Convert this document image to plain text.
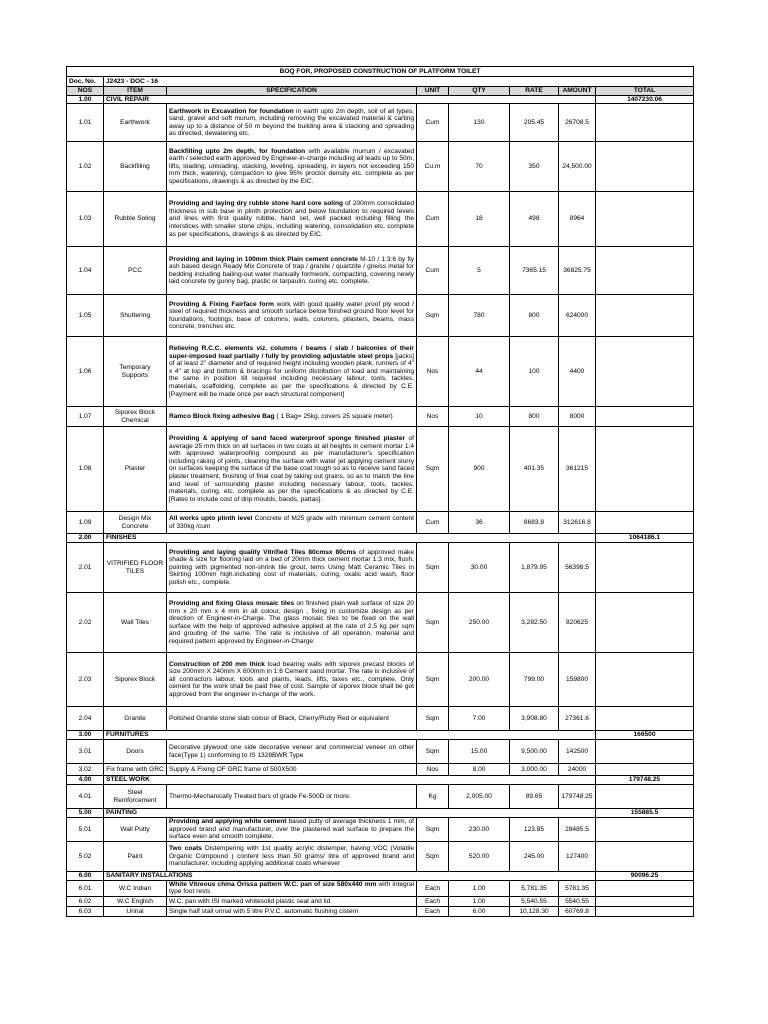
BOQ FOR, PROPOSED CONSTRUCTION OF PLATFORM TOILET							
Doc. No.	J2423 - DOC - 16						
NOS	ITEM	SPECIFICATION	UNIT	QTY	RATE	AMOUNT	TOTAL
1.00	CIVIL REPAIR						1407230.06
1.01	Earthwork	Earthwork in Excavation for foundation in earth upto 2m depth, soil of all types, sand, gravel and soft murum, including removing the excavated material & carting away up to a distance of 50 m beyond the building area & stacking and spreading as directed, dewatering etc.	Cum	130	205.45	26708.5	
1.02	Backfilling	Backfilling upto 2m depth, for foundation with available murrum / excavated earth / selected earth approved by Engineer-in-charge including all leads up to 50m, lifts, loading, unloading, stacking, leveling, spreading, in layers not exceeding 150 mm thick, watering, compaction to give 95% proctor density etc. complete as per specifications, drawings & as directed by the EIC.	Cu.m	70	350	24,500.00	
1.03	Rubble Soling	Providing and laying dry rubble stone hard core soling of 200mm consolidated thickness in sub base in plinth protection and below foundation to required levels and lines with first quality rubble, hand set, well packed including filling the interstices with smaller stone chips, including watering, consolidation etc. complete as per specifications, drawings & as directed by EIC.	Cum	18	498	8964	
1.04	PCC	Providing and laying in 100mm thick Plain cement concrete M-10 / 1:3:6 by fly ash based design Ready Mix Concrete of trap / granite / quartzite / gneiss metal for bedding including bailing-out water manually formwork, compacting, covering newly laid concrete by gunny bag, plastic or tarpaulin, curing etc. complete.	Cum	5	7365.15	36825.75	
1.05	Shuttering	Providing & Fixing Fairface form work with good quality water proof ply wood / steel of required thickness and smooth surface below finished ground floor level for foundations, footings, base of columns, walls, columns, pilasters, beams, mass concrete, trenches etc.	Sqm	780	800	624000	
1.06	Temporary Supports	Relieving R.C.C. elements viz. columns / beams / slab / balconies of their super-imposed load partially / fully by providing adjustable steel props [jacks] of at least 2" diameter and of required height including wooden plank, runners of 4" x 4" at top and bottom & bracings for uniform distribution of load and maintaining the same in position till required including necessary labour, tools, tackles, materials, scaffolding, complete as per the specifications & directed by C.E. [Payment will be made once per each structural component]	Nos	44	100	4400	
1.07	Siporex Block Chemical	Ramco Block fixing adhesive Bag ( 1 Bag= 25kg, covers 25 square meter)	Nos	10	800	8000	
1.08	Plaster	Providing & applying of sand faced waterproof sponge finished plaster of average 25 mm thick on all surfaces in two coats at all heights in cement mortar 1:4 with approved waterproofing compound as per manufacturer's specification including raking of joints, cleaning the surface with water jet applying cement slurry on surfaces keeping the surface of the base coat rough so as to receive sand faced plaster treatment, finishing of final coat by taking out grains, so as to match the line and level of surrounding plaster including necessary labour, tools, tackles, materials, curing, etc. complete as per the specifications & as directed by C.E. [Rates to include cost of drip moulds, bands, pattas].	Sqm	900	401.35	361215	
1.09	Design Mix Concrete	All works upto plinth level Concrete of M25 grade with minimum cement content of 330kg /cum	Cum	36	8683.8	312616.8	
2.00	FINISHES						1064186.1
2.01	VITRIFIED FLOOR TILES	Providing and laying quality Vitrified Tiles 80cmsx 80cms of approved make shade & size for flooring laid on a bed of 20mm thick cement mortar 1:3 mix, flush, pointing with pigmented non-shrink tile grout, tems Using Matt Ceramic Tiles in Skirting 100mm high.including cost of materials, curing, oxalic acid wash, floor polish etc., complete.	Sqm	30.00	1,879.95	56398.5	
2.02	Wall Tiles	Providing and fixing Glass mosaic tiles on finished plain wall surface of size 20 mm x 20 mm x 4 mm in all colour, design , fixing in customize design as per direction of Engineer-in-Charge. The glass mosaic tiles to be fixed on the wall surface with the help of approved adhesive applied at the rate of 2.5 kg per sqm and grouting of the same. The rate is inclusive of all operation, material and required pattern approved by Engineer-in-Charge:	Sqm	250.00	3,282.50	820625	
2.03	Siporex Block	Construction of 200 mm thick load bearing walls with siporex precast blocks of size 200mm X 240mm X 600mm in 1:6 Cement sand mortar. The rate is inclusive of all contractors labour, tools and plants, leads, lifts, taxes etc., complete. Only cement for the work shall be paid free of cost. Sample of siporex block shall be got approved from the engineer in-charge of the work.	Sqm	200.00	799.00	159800	
2.04	Granite	Polished Granite stone slab colour of Black, Cherry/Ruby Red or equivalent	Sqm	7.00	3,908.80	27361.6	
3.00	FURNITURES						166500
3.01	Doors	Decorative plywood one side decorative veneer and commercial veneer on other face(Type 1) conforming to IS 1328BWR Type	Sqm	15.00	9,500.00	142500	
3.02	Fix frame with GRC	Supply & Fixing OF GRC frame of 500X500	Nos	8.00	3,000.00	24000	
4.00	STEEL WORK						179748.25
4.01	Steel Reinforcement	Thermo-Mechanically Treated bars of grade Fe-500D or more.	Kg	2,005.00	89.65	179748.25	
5.00	PAINTING						155885.5
5.01	Wall Putty	Providing and applying white cement based putty of average thickness 1 mm, of approved brand and manufacturer, over the plastered wall surface to prepare the surface even and smooth complete.	Sqm	230.00	123.85	28485.5	
5.02	Paint	Two coats Distempering with 1st quality acrylic distemper, having VOC (Volatile Organic Compound ) content less than 50 grams/ litre of approved brand and manufacturer, including applying additional coats wherever	Sqm	520.00	245.00	127400	
6.00	SANITARY INSTALLATIONS						90096.25
6.01	W.C Indian	White Vitreous china Orissa pattern W.C. pan of size 580x440 mm with integral type foot rests	Each	1.00	5,781.35	5781.35	
6.02	W.C English	W.C. pan with ISI marked whitesolid plastic seat and lid	Each	1.00	5,540.55	5540.55	
6.03	Urinal	Single half stall urinal with 5 litre P.V.C. automatic flushing cistern	Each	6.00	10,128.30	60769.8	
